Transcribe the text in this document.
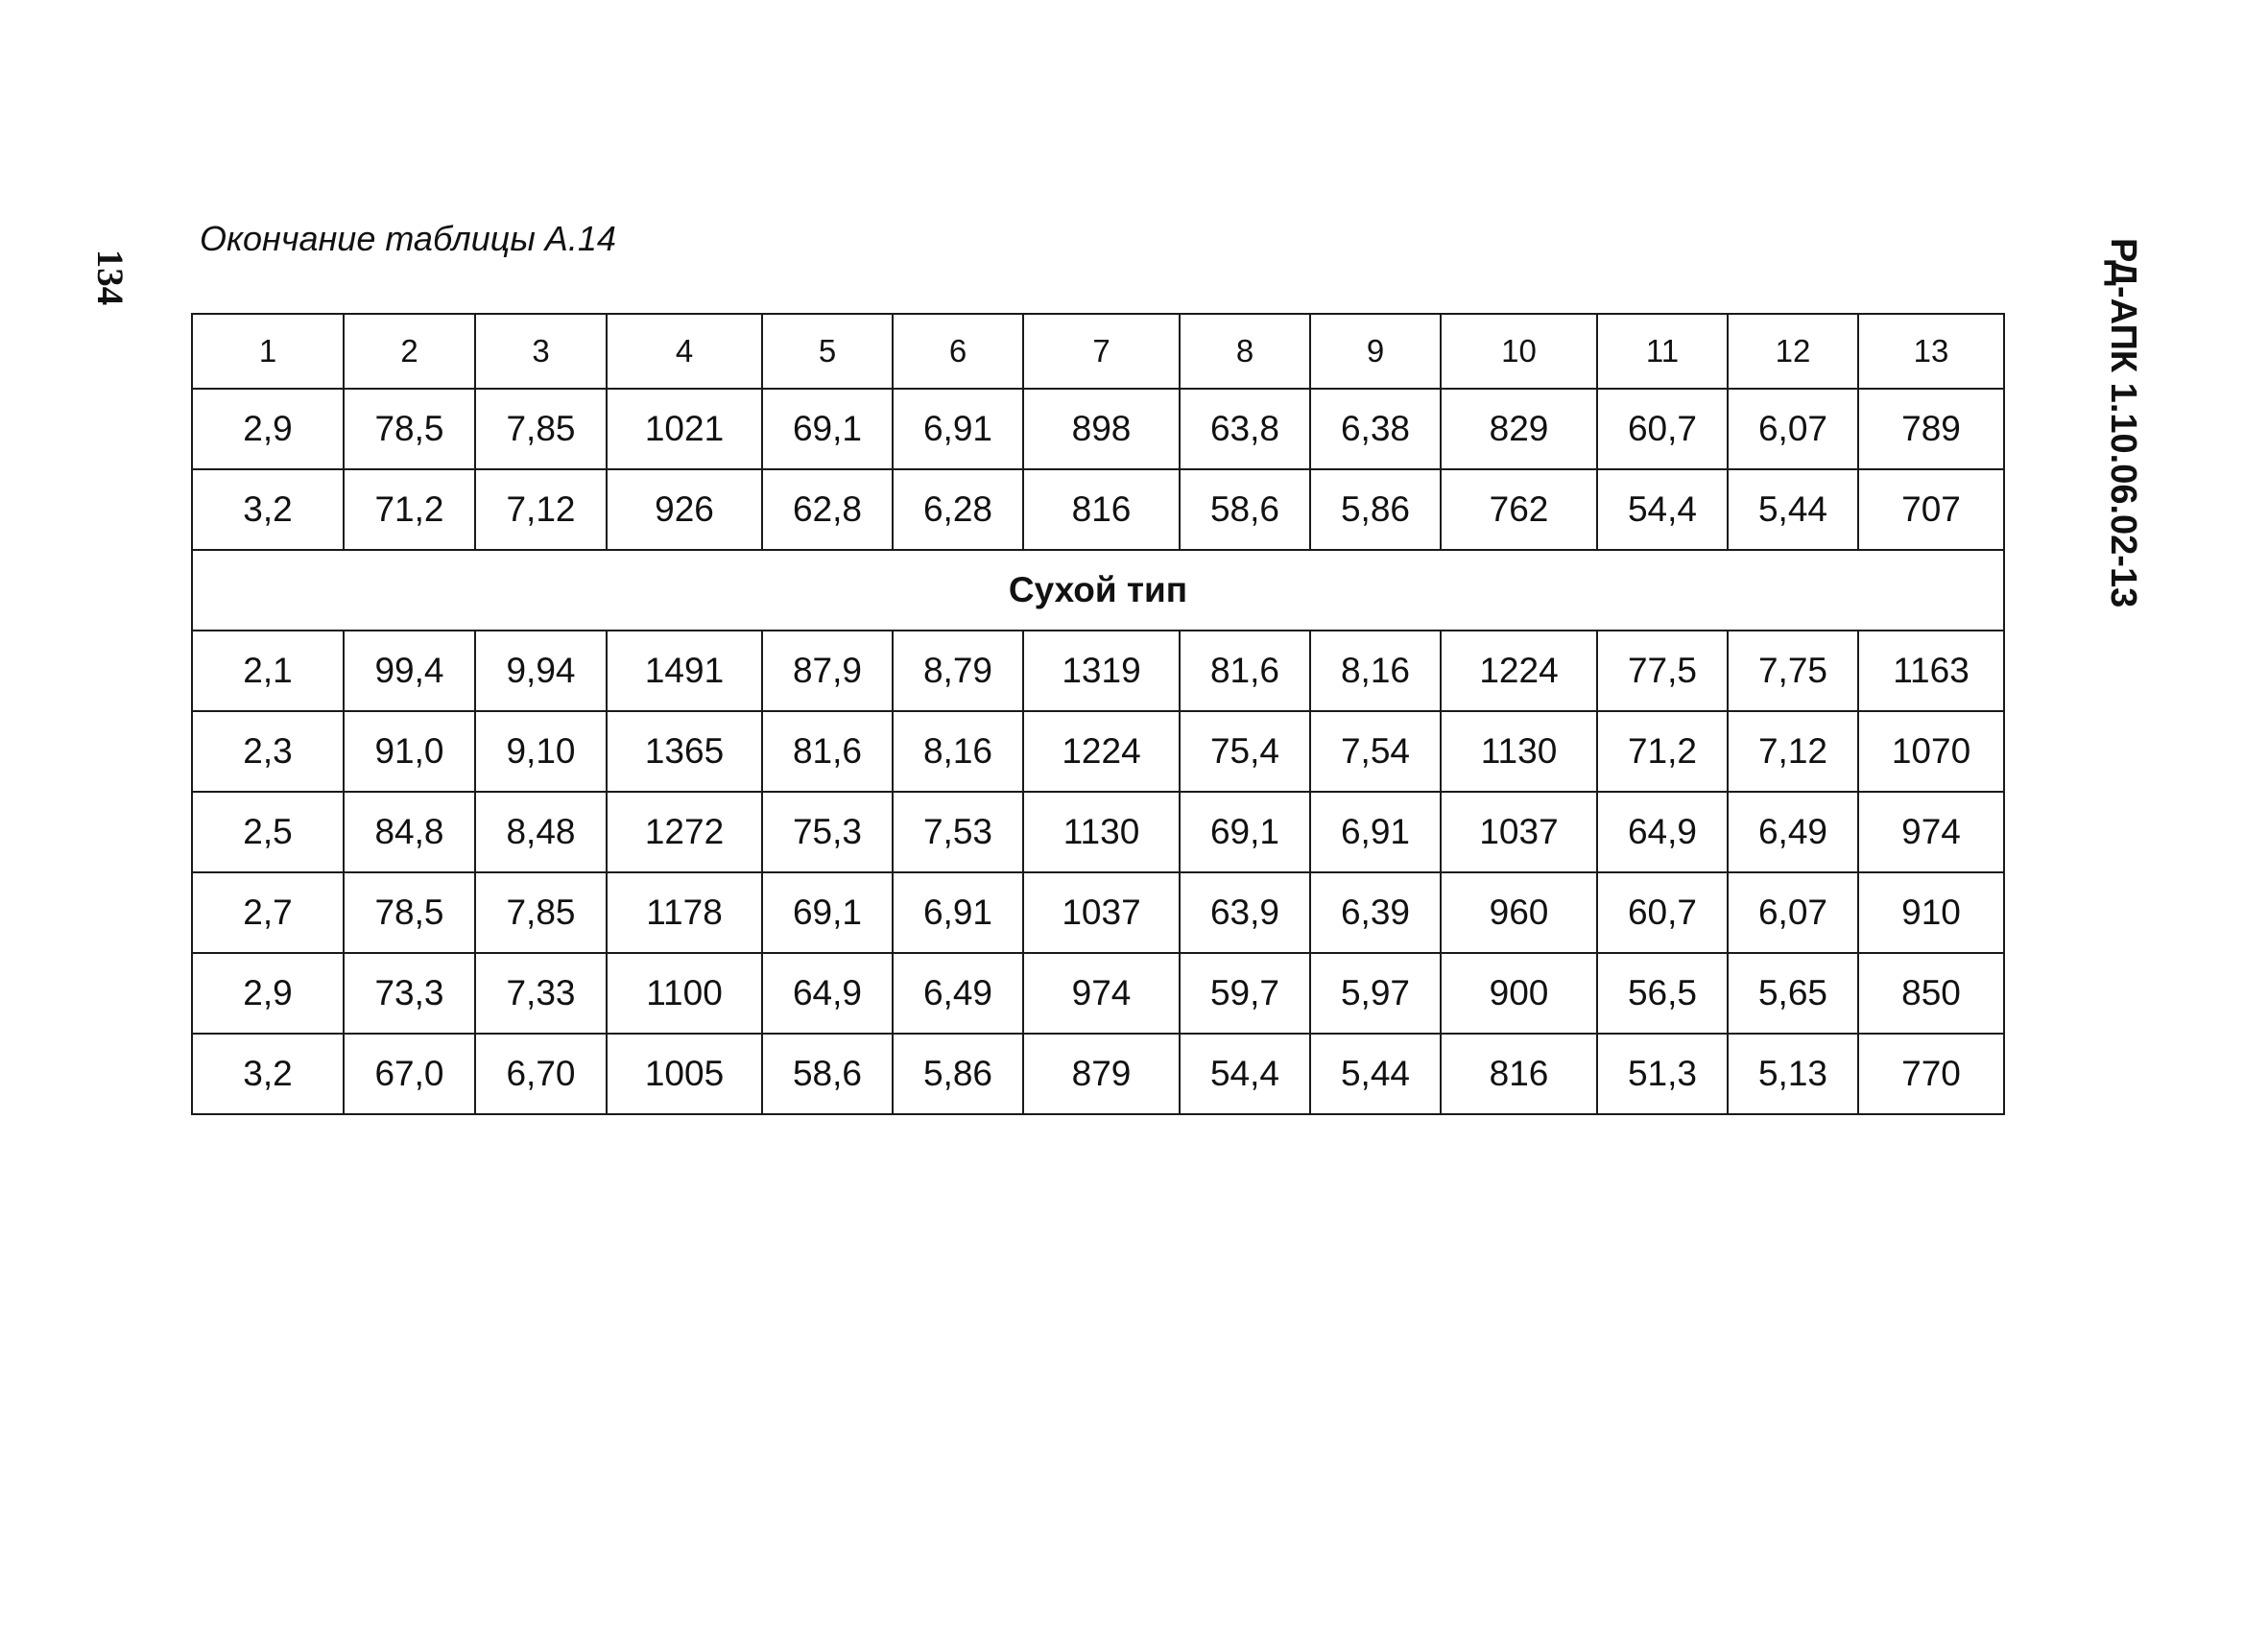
134
Окончание таблицы А.14	РД-АПК 1.10.06.02-13
1	2	3	4	5	6	7	8	9	10	11	12	13
2,9	78,5	7,85	1021	69,1	6,91	898	63,8	6,38	829	60,7	6,07	789
3,2	71,2	7,12	926	62,8	6,28	816	58,6	5,86	762	54,4	5,44	707
Сухой тип												
2,1	99,4	9,94	1491	87,9	8,79	1319	81,6	8,16	1224	77,5	7,75	1163
2,3	91,0	9,10	1365	81,6	8,16	1224	75,4	7,54	1130	71,2	7,12	1070
2,5	84,8	8,48	1272	75,3	7,53	1130	69,1	6,91	1037	64,9	6,49	974
2,7	78,5	7,85	1178	69,1	6,91	1037	63,9	6,39	960	60,7	6,07	910
2,9	73,3	7,33	1100	64,9	6,49	974	59,7	5,97	900	56,5	5,65	850
3,2	67,0	6,70	1005	58,6	5,86	879	54,4	5,44	816	51,3	5,13	770
